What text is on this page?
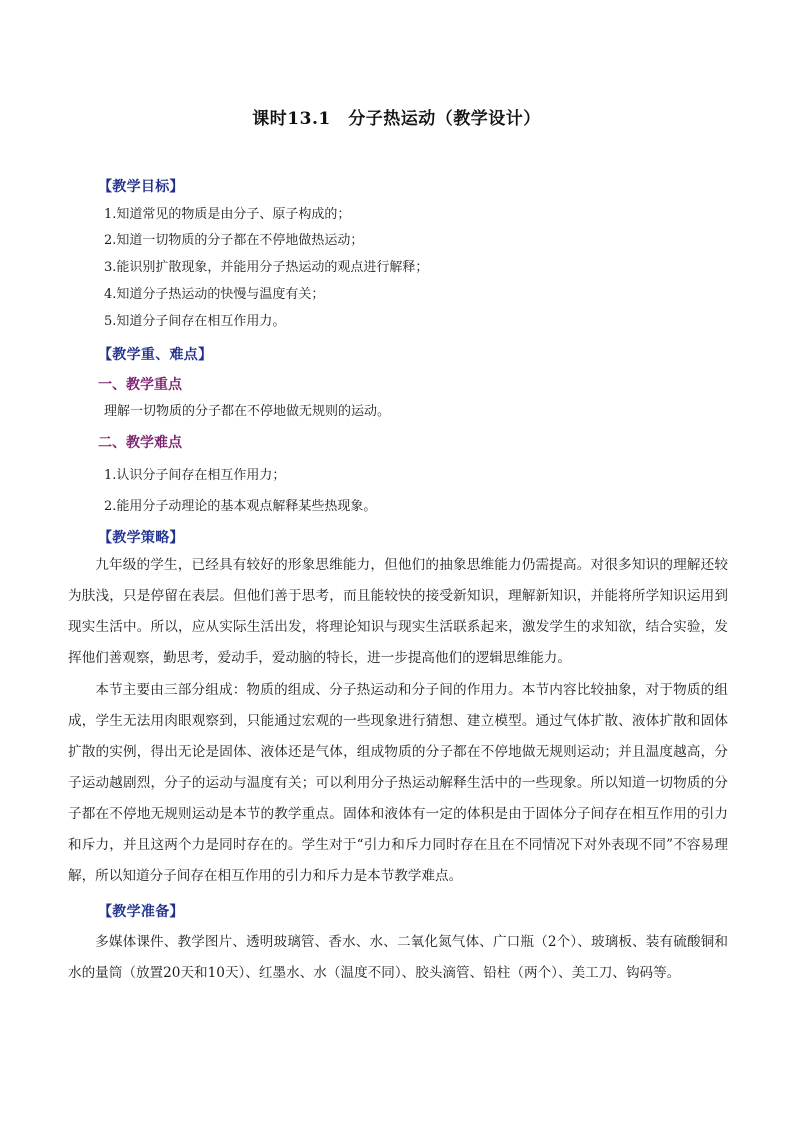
课时13.1　分子热运动（教学设计）
【教学目标】
1.知道常见的物质是由分子、原子构成的；
2.知道一切物质的分子都在不停地做热运动；
3.能识别扩散现象，并能用分子热运动的观点进行解释；
4.知道分子热运动的快慢与温度有关；
5.知道分子间存在相互作用力。
【教学重、难点】
一、教学重点
理解一切物质的分子都在不停地做无规则的运动。
二、教学难点
1.认识分子间存在相互作用力；
2.能用分子动理论的基本观点解释某些热现象。
【教学策略】

九年级的学生，已经具有较好的形象思维能力，但他们的抽象思维能力仍需提高。对很多知识的理解还较为肤浅，只是停留在表层。但他们善于思考，而且能较快的接受新知识，理解新知识，并能将所学知识运用到现实生活中。所以，应从实际生活出发，将理论知识与现实生活联系起来，激发学生的求知欲，结合实验，发挥他们善观察，勤思考，爱动手，爱动脑的特长，进一步提高他们的逻辑思维能力。

本节主要由三部分组成：物质的组成、分子热运动和分子间的作用力。本节内容比较抽象，对于物质的组成，学生无法用肉眼观察到，只能通过宏观的一些现象进行猜想、建立模型。通过气体扩散、液体扩散和固体扩散的实例，得出无论是固体、液体还是气体，组成物质的分子都在不停地做无规则运动；并且温度越高，分子运动越剧烈，分子的运动与温度有关；可以利用分子热运动解释生活中的一些现象。所以知道一切物质的分子都在不停地无规则运动是本节的教学重点。固体和液体有一定的体积是由于固体分子间存在相互作用的引力和斥力，并且这两个力是同时存在的。学生对于“引力和斥力同时存在且在不同情况下对外表现不同”不容易理解，所以知道分子间存在相互作用的引力和斥力是本节教学难点。

【教学准备】

多媒体课件、教学图片、透明玻璃管、香水、水、二氧化氮气体、广口瓶（2个）、玻璃板、装有硫酸铜和水的量筒（放置20天和10天）、红墨水、水（温度不同）、胶头滴管、铅柱（两个）、美工刀、钩码等。
